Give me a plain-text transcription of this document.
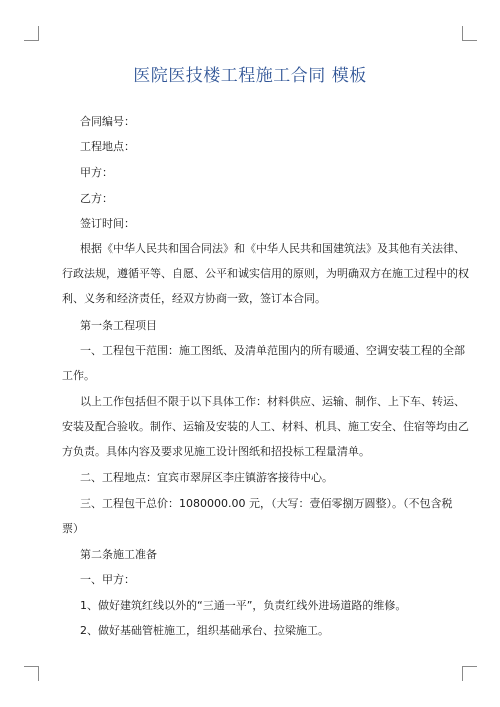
医院医技楼工程施工合同 模板
合同编号：
工程地点：
甲方：
乙方：
签订时间：
根据《中华人民共和国合同法》和《中华人民共和国建筑法》及其他有关法律、
行政法规，遵循平等、自愿、公平和诚实信用的原则，为明确双方在施工过程中的权
利、义务和经济责任，经双方协商一致，签订本合同。
第一条工程项目
一、工程包干范围：施工图纸、及清单范围内的所有暖通、空调安装工程的全部
工作。
以上工作包括但不限于以下具体工作：材料供应、运输、制作、上下车、转运、
安装及配合验收。制作、运输及安装的人工、材料、机具、施工安全、住宿等均由乙
方负责。具体内容及要求见施工设计图纸和招投标工程量清单。
二、工程地点：宜宾市翠屏区李庄镇游客接待中心。
三、工程包干总价：1080000.00 元，（大写：壹佰零捌万圆整）。（不包含税
票）
第二条施工准备
一、甲方：
1、做好建筑红线以外的“三通一平”，负责红线外进场道路的维修。
2、做好基础管桩施工，组织基础承台、拉梁施工。
